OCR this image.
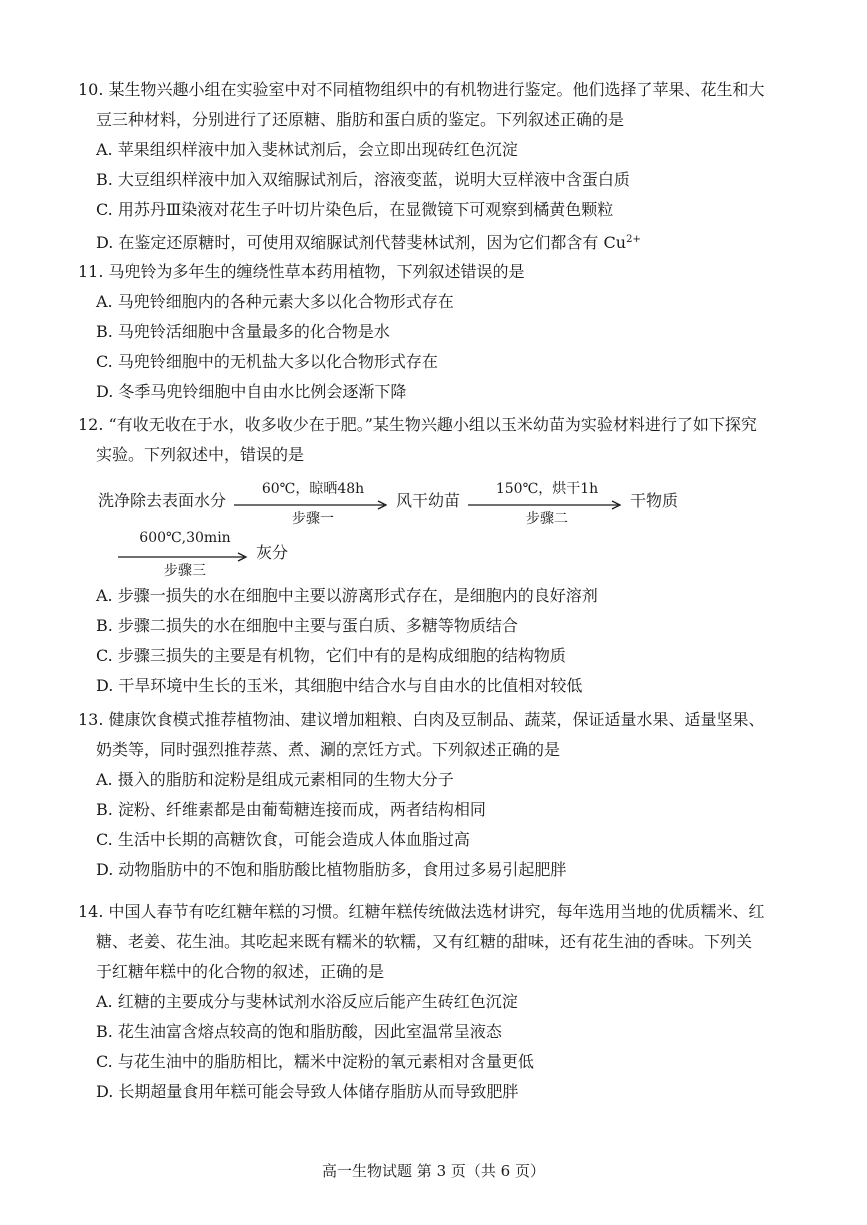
10. 某生物兴趣小组在实验室中对不同植物组织中的有机物进行鉴定。他们选择了苹果、花生和大

豆三种材料，分别进行了还原糖、脂肪和蛋白质的鉴定。下列叙述正确的是

A. 苹果组织样液中加入斐林试剂后，会立即出现砖红色沉淀

B. 大豆组织样液中加入双缩脲试剂后，溶液变蓝，说明大豆样液中含蛋白质

C. 用苏丹Ⅲ染液对花生子叶切片染色后，在显微镜下可观察到橘黄色颗粒

D. 在鉴定还原糖时，可使用双缩脲试剂代替斐林试剂，因为它们都含有 $Cu^{2+}$

11. 马兜铃为多年生的缠绕性草本药用植物，下列叙述错误的是

A. 马兜铃细胞内的各种元素大多以化合物形式存在

B. 马兜铃活细胞中含量最多的化合物是水

C. 马兜铃细胞中的无机盐大多以化合物形式存在

D. 冬季马兜铃细胞中自由水比例会逐渐下降

12. “有收无收在于水，收多收少在于肥。”某生物兴趣小组以玉米幼苗为实验材料进行了如下探究

实验。下列叙述中，错误的是

洗净除去表面水分
60℃，晾晒48h
步骤一
风干幼苗
150℃，烘干1h
步骤二
干物质
600℃,30min
步骤三
灰分

A. 步骤一损失的水在细胞中主要以游离形式存在，是细胞内的良好溶剂

B. 步骤二损失的水在细胞中主要与蛋白质、多糖等物质结合

C. 步骤三损失的主要是有机物，它们中有的是构成细胞的结构物质

D. 干旱环境中生长的玉米，其细胞中结合水与自由水的比值相对较低

13. 健康饮食模式推荐植物油、建议增加粗粮、白肉及豆制品、蔬菜，保证适量水果、适量坚果、

奶类等，同时强烈推荐蒸、煮、涮的烹饪方式。下列叙述正确的是

A. 摄入的脂肪和淀粉是组成元素相同的生物大分子

B. 淀粉、纤维素都是由葡萄糖连接而成，两者结构相同

C. 生活中长期的高糖饮食，可能会造成人体血脂过高

D. 动物脂肪中的不饱和脂肪酸比植物脂肪多，食用过多易引起肥胖

14. 中国人春节有吃红糖年糕的习惯。红糖年糕传统做法选材讲究，每年选用当地的优质糯米、红

糖、老姜、花生油。其吃起来既有糯米的软糯，又有红糖的甜味，还有花生油的香味。下列关

于红糖年糕中的化合物的叙述，正确的是

A. 红糖的主要成分与斐林试剂水浴反应后能产生砖红色沉淀

B. 花生油富含熔点较高的饱和脂肪酸，因此室温常呈液态

C. 与花生油中的脂肪相比，糯米中淀粉的氧元素相对含量更低

D. 长期超量食用年糕可能会导致人体储存脂肪从而导致肥胖

高一生物试题 第 3 页（共 6 页）
